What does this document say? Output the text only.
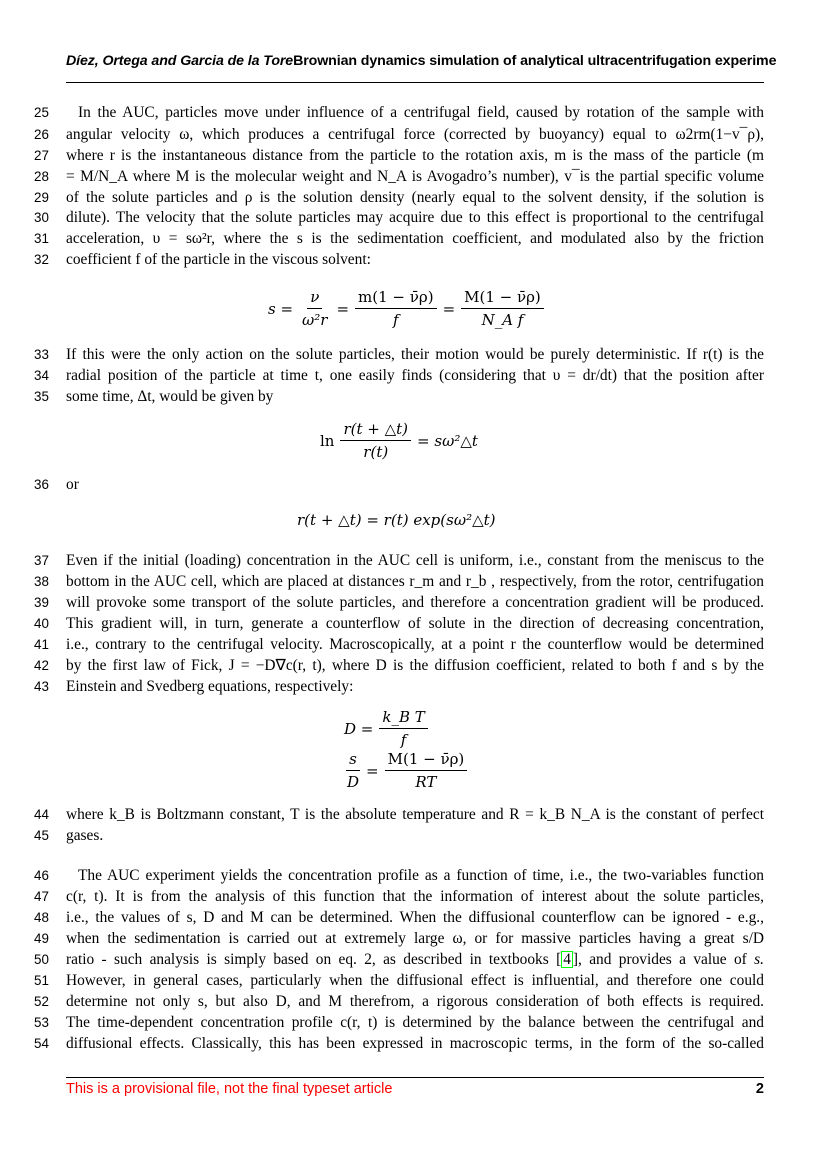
Díez, Ortega and Garcia de la ToreBrownian dynamics simulation of analytical ultracentrifugation experime
25	In the AUC, particles move under influence of a centrifugal field, caused by rotation of the sample with
26	angular velocity ω, which produces a centrifugal force (corrected by buoyancy) equal to ω2rm(1−v¯ρ),
27	where r is the instantaneous distance from the particle to the rotation axis, m is the mass of the particle (m
28	= M/N_A where M is the molecular weight and N_A is Avogadro’s number), v¯is the partial specific volume
29	of the solute particles and ρ is the solution density (nearly equal to the solvent density, if the solution is
30	dilute). The velocity that the solute particles may acquire due to this effect is proportional to the centrifugal
31	acceleration, υ = sω²r, where the s is the sedimentation coefficient, and modulated also by the friction
32	coefficient f of the particle in the viscous solvent:
$s = \frac{\nu}{\text{ω²r}} = \frac{m(1 - \nū\rho)}{f} = \frac{M(1 - \nū\rho)}{\text{N\_A f}}$
33	If this were the only action on the solute particles, their motion would be purely deterministic. If r(t) is the
34	radial position of the particle at time t, one easily finds (considering that υ = dr/dt) that the position after
35	some time, Δt, would be given by
$\ln \frac{r(t + \triangle t)}{r(t)}$ = sω²△t
36	or
r(t + △t) = r(t) exp(sω²△t)
37	Even if the initial (loading) concentration in the AUC cell is uniform, i.e., constant from the meniscus to the
38	bottom in the AUC cell, which are placed at distances r_m and r_b , respectively, from the rotor, centrifugation
39	will provoke some transport of the solute particles, and therefore a concentration gradient will be produced.
40	This gradient will, in turn, generate a counterflow of solute in the direction of decreasing concentration,
41	i.e., contrary to the centrifugal velocity. Macroscopically, at a point r the counterflow would be determined
42	by the first law of Fick, J = −D∇c(r, t), where D is the diffusion coefficient, related to both f and s by the
43	Einstein and Svedberg equations, respectively:
$D = \frac{\text{k\_B T}}{f}$
$\frac{s}{D} = \frac{M(1 - \nū\rho)}{RT}$
44	where k_B is Boltzmann constant, T is the absolute temperature and R = k_B N_A is the constant of perfect
45	gases.
46	The AUC experiment yields the concentration profile as a function of time, i.e., the two-variables function
47	c(r, t). It is from the analysis of this function that the information of interest about the solute particles,
48	i.e., the values of s, D and M can be determined. When the diffusional counterflow can be ignored - e.g.,
49	when the sedimentation is carried out at extremely large ω, or for massive particles having a great s/D
50	ratio - such analysis is simply based on eq. 2, as described in textbooks [ 4 ], and provides a value of s.
51	However, in general cases, particularly when the diffusional effect is influential, and therefore one could
52	determine not only s, but also D, and M therefrom, a rigorous consideration of both effects is required.
53	The time-dependent concentration profile c(r, t) is determined by the balance between the centrifugal and
54	diffusional effects. Classically, this has been expressed in macroscopic terms, in the form of the so-called
This is a provisional file, not the final typeset article	2
